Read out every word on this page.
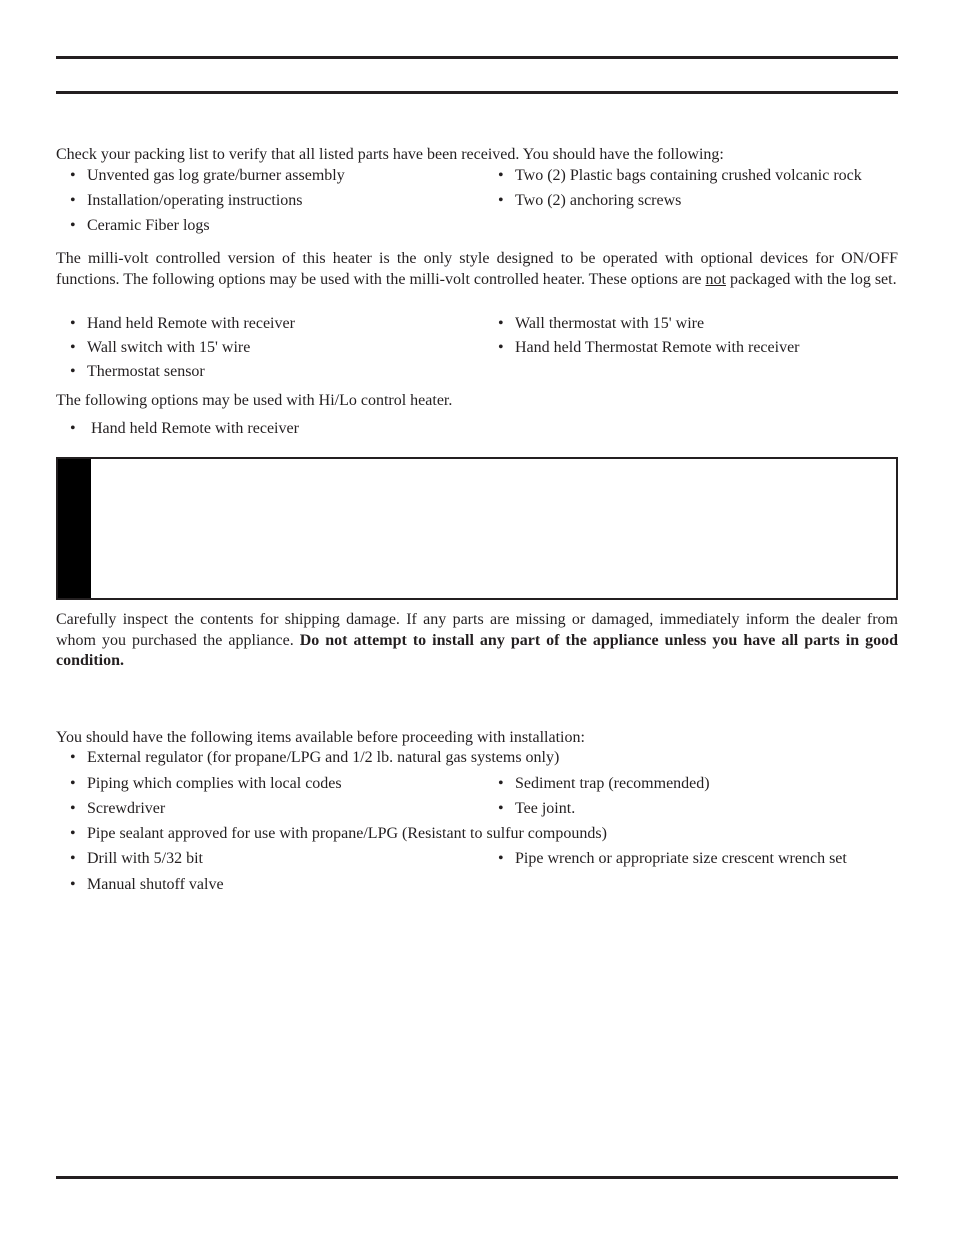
Check your packing list to verify that all listed parts have been received. You should have the following:

• Unvented gas log grate/burner assembly
• Installation/operating instructions
• Ceramic Fiber logs
• Two (2) Plastic bags containing crushed volcanic rock
• Two (2) anchoring screws

The milli-volt controlled version of this heater is the only style designed to be operated with optional devices for ON/OFF functions. The following options may be used with the milli-volt controlled heater. These options are not packaged with the log set.

• Hand held Remote with receiver
• Wall switch with 15' wire
• Thermostat sensor
• Wall thermostat with 15' wire
• Hand held Thermostat Remote with receiver

The following options may be used with Hi/Lo control heater.

• Hand held Remote with receiver

Carefully inspect the contents for shipping damage. If any parts are missing or damaged, immediately inform the dealer from whom you purchased the appliance. Do not attempt to install any part of the appliance unless you have all parts in good condition.

You should have the following items available before proceeding with installation:

• External regulator (for propane/LPG and 1/2 lb. natural gas systems only)
• Piping which complies with local codes	• Sediment trap (recommended)
• Screwdriver	• Tee joint.
• Pipe sealant approved for use with propane/LPG (Resistant to sulfur compounds)
• Drill with 5/32 bit	• Pipe wrench or appropriate size crescent wrench set
• Manual shutoff valve
